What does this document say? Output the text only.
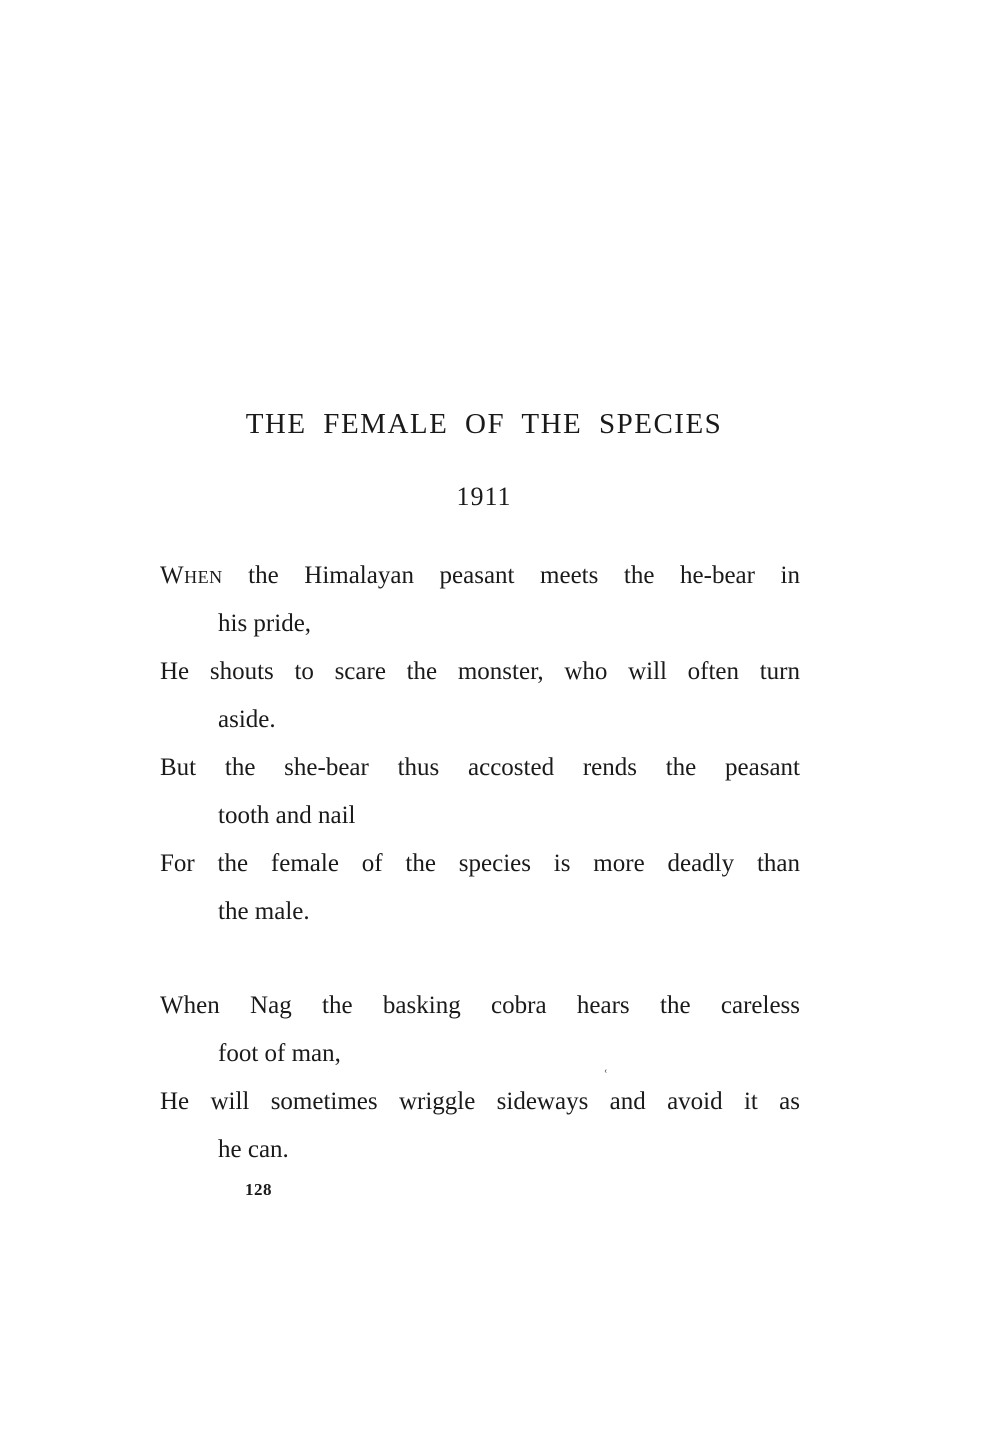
THE FEMALE OF THE SPECIES
1911
When the Himalayan peasant meets the he-bear in
his pride,
He shouts to scare the monster, who will often turn
aside.
But the she-bear thus accosted rends the peasant
tooth and nail
For the female of the species is more deadly than
the male.
When Nag the basking cobra hears the careless
foot of man,
He will sometimes wriggle sideways and avoid it as
he can.
ʿ
128
